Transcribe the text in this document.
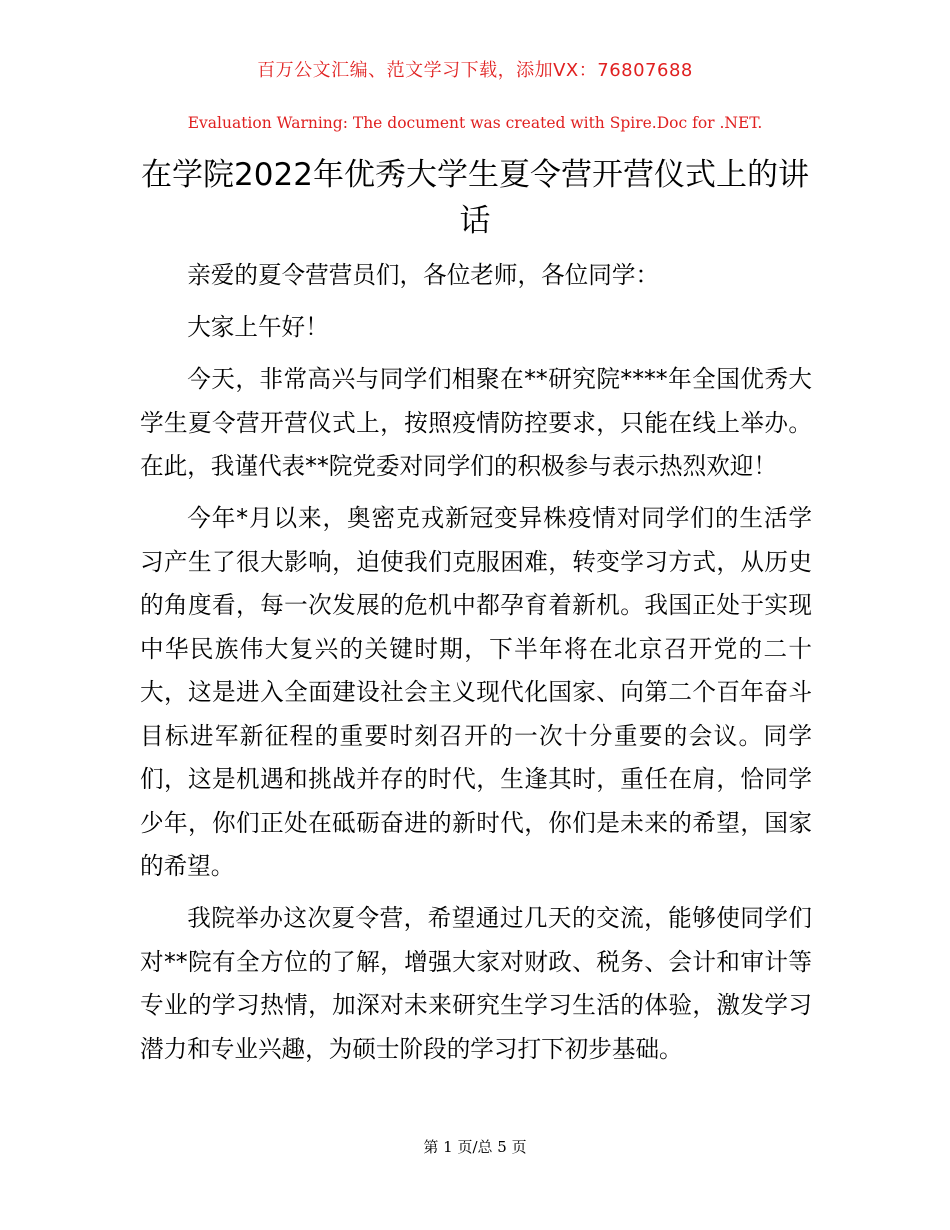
百万公文汇编、范文学习下载，添加VX：76807688
Evaluation Warning: The document was created with Spire.Doc for .NET.
在学院2022年优秀大学生夏令营开营仪式上的讲话

亲爱的夏令营营员们，各位老师，各位同学：

大家上午好！

今天，非常高兴与同学们相聚在**研究院****年全国优秀大学生夏令营开营仪式上，按照疫情防控要求，只能在线上举办。在此，我谨代表**院党委对同学们的积极参与表示热烈欢迎！

今年*月以来，奥密克戎新冠变异株疫情对同学们的生活学习产生了很大影响，迫使我们克服困难，转变学习方式，从历史的角度看，每一次发展的危机中都孕育着新机。我国正处于实现中华民族伟大复兴的关键时期，下半年将在北京召开党的二十大，这是进入全面建设社会主义现代化国家、向第二个百年奋斗目标进军新征程的重要时刻召开的一次十分重要的会议。同学们，这是机遇和挑战并存的时代，生逢其时，重任在肩，恰同学少年，你们正处在砥砺奋进的新时代，你们是未来的希望，国家的希望。

我院举办这次夏令营，希望通过几天的交流，能够使同学们对**院有全方位的了解，增强大家对财政、税务、会计和审计等专业的学习热情，加深对未来研究生学习生活的体验，激发学习潜力和专业兴趣，为硕士阶段的学习打下初步基础。

第 1 页/总 5 页
